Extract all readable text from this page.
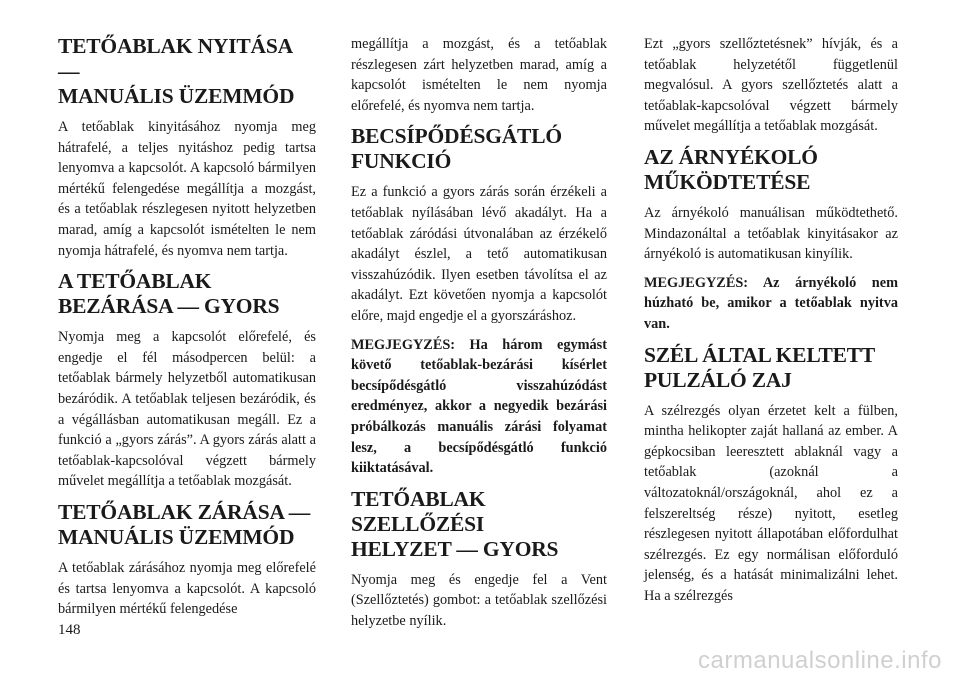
TETŐABLAK NYITÁSA —
MANUÁLIS ÜZEMMÓD

A tetőablak kinyitásához nyomja meg hátrafelé, a teljes nyitáshoz pedig tartsa lenyomva a kapcsolót. A kapcsoló bármilyen mértékű felengedése megállítja a mozgást, és a tetőablak részlegesen nyitott helyzetben marad, amíg a kapcsolót ismételten le nem nyomja hátrafelé, és nyomva nem tartja.

A TETŐABLAK
BEZÁRÁSA — GYORS

Nyomja meg a kapcsolót előrefelé, és engedje el fél másodpercen belül: a tetőablak bármely helyzetből automatikusan bezáródik. A tetőablak teljesen bezáródik, és a végállásban automatikusan megáll. Ez a funkció a „gyors zárás”. A gyors zárás alatt a tetőablak-kapcsolóval végzett bármely művelet megállítja a tetőablak mozgását.

TETŐABLAK ZÁRÁSA —
MANUÁLIS ÜZEMMÓD

A tetőablak zárásához nyomja meg előrefelé és tartsa lenyomva a kapcsolót. A kapcsoló bármilyen mértékű felengedése

megállítja a mozgást, és a tetőablak részlegesen zárt helyzetben marad, amíg a kapcsolót ismételten le nem nyomja előrefelé, és nyomva nem tartja.

BECSÍPŐDÉSGÁTLÓ
FUNKCIÓ

Ez a funkció a gyors zárás során érzékeli a tetőablak nyílásában lévő akadályt. Ha a tetőablak záródási útvonalában az érzékelő akadályt észlel, a tető automatikusan visszahúzódik. Ilyen esetben távolítsa el az akadályt. Ezt követően nyomja a kapcsolót előre, majd engedje el a gyorszáráshoz.

MEGJEGYZÉS: Ha három egymást követő tetőablak-bezárási kísérlet becsípődésgátló visszahúzódást eredményez, akkor a negyedik bezárási próbálkozás manuális zárási folyamat lesz, a becsípődésgátló funkció kiiktatásával.

TETŐABLAK SZELLŐZÉSI
HELYZET — GYORS

Nyomja meg és engedje fel a Vent (Szellőztetés) gombot: a tetőablak szellőzési helyzetbe nyílik.

Ezt „gyors szellőztetésnek” hívják, és a tetőablak helyzetétől függetlenül megvalósul. A gyors szellőztetés alatt a tetőablak-kapcsolóval végzett bármely művelet megállítja a tetőablak mozgását.

AZ ÁRNYÉKOLÓ
MŰKÖDTETÉSE

Az árnyékoló manuálisan működtethető. Mindazonáltal a tetőablak kinyitásakor az árnyékoló is automatikusan kinyílik.

MEGJEGYZÉS: Az árnyékoló nem húzható be, amikor a tetőablak nyitva van.

SZÉL ÁLTAL KELTETT
PULZÁLÓ ZAJ

A szélrezgés olyan érzetet kelt a fülben, mintha helikopter zaját hallaná az ember. A gépkocsiban leeresztett ablaknál vagy a tetőablak (azoknál a változatoknál/országoknál, ahol ez a felszereltség része) nyitott, esetleg részlegesen nyitott állapotában előfordulhat szélrezgés. Ez egy normálisan előforduló jelenség, és a hatását minimalizálni lehet. Ha a szélrezgés

148
carmanualsonline.info
